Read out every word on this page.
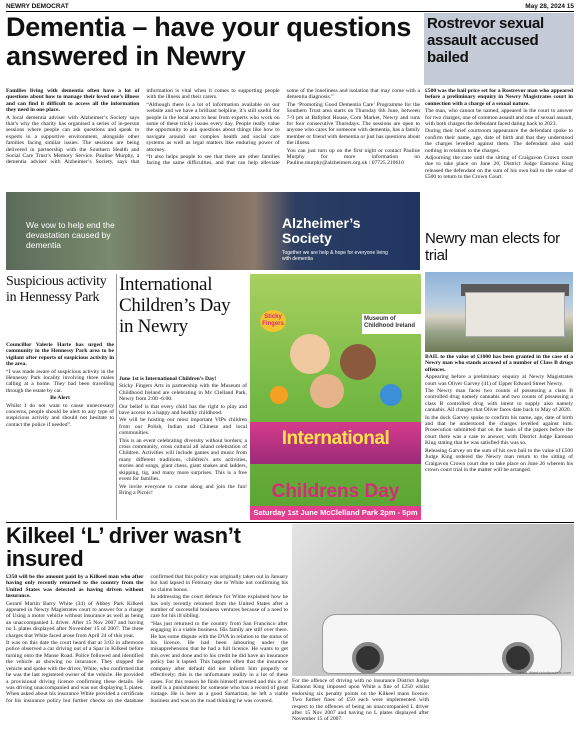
NEWRY DEMOCRAT	May 28, 2024 15
Dementia – have your questions answered in Newry

Families living with dementia often have a lot of questions about how to manage their loved one’s illness and can find it difficult to access all the information they need in one place.

A local dementia adviser with Alzheimer’s Society says that’s why the charity has organised a series of in-person sessions where people can ask questions and speak to experts in a supportive environment, alongside other families facing similar issues. The sessions are being delivered in partnership with the Southern Health and Social Care Trust’s Memory Service. Pauline Murphy, a dementia adviser with Alzheimer’s Society, says that information is vital when it comes to supporting people with the illness and their carers.

“Although there is a lot of information available on our website and we have a brilliant helpline, it’s still useful for people in the local area to hear from experts who work on some of these tricky issues every day. People really value the opportunity to ask questions about things like how to navigate around our complex health and social care systems as well as legal matters like enduring power of attorney.

“It also helps people to see that there are other families facing the same difficulties, and that can help alleviate some of the loneliness and isolation that may come with a dementia diagnosis.”

The ‘Promoting Good Dementia Care’ Programme for the Southern Trust area starts on Thursday 6th June, between 7-9 pm at Ballybot House, Corn Market, Newry and runs for four consecutive Thursdays. The sessions are open to anyone who cares for someone with dementia, has a family member or friend with dementia or just has questions about the illness.

You can just turn up on the first night or contact Pauline Murphy for more information on Pauline.murphy@alzheimers.org.uk / 07725 210610

We vow to help end the devastation caused by dementia
Alzheimer’s Society
Together we are help & hope for everyone living with dementia
Rostrevor sexual assault accused bailed

£500 was the bail price set for a Rostrevor man who appeared before a preliminary enquiry in Newry Magistrates court in connection with a charge of a sexual nature.

The man, who cannot be named, appeared in the court to answer for two charges, one of common assault and one of sexual assault, with both charges the defendant faced dating back to 2023.

During their brief courtroom appearance the defendant spoke to confirm their name, age, date of birth and that they understood the charges levelled against them. The defendant also said nothing in relation to the charges.

Adjourning the case until the sitting of Craigavon Crown court due to take place on June 26, District Judge Eamonn King released the defendant on the sum of his own bail to the value of £500 to return to the Crown Court.

Newry man elects for trial

BAIL to the value of £1000 has been granted in the case of a Newry man who stands accused of a number of Class B drugs offences.

Appearing before a preliminary enquiry at Newry Magistrates court was Oliver Garvey (41) of Upper Edward Street Newry.

The Newry man faces two counts of possessing a class B controlled drug namely cannabis and two counts of possessing a class B controlled drug with intent to supply also namely cannabis. All charges that Oliver faces date back to May of 2020.

In the dock Garvey spoke to confirm his name, age, date of birth and that he understood the charges levelled against him. Prosecution submitted that on the basis of the papers before the court there was a case to answer, with District Judge Eamonn King stating that he was satisfied this was so.

Releasing Garvey on the sum of his own bail to the value of £500 Judge King ordered the Newry man return to the sitting of Craigavon Crown court due to take place on June 26 wherein his crown court trial in the matter will be arranged.

Suspicious activity in Hennessy Park

Councillor Valerie Harte has urged the community in the Hennessy Park area to be vigilant after reports of suspicious activity in the area.

“I was made aware of suspicious activity in the Hennessy Park locality involving three males calling at a home. They had been travelling through the estate by car.

Be Alert

Whilst I do not want to cause unnecessary concerns, people should be alert to any type of suspicious activity and should not hesitate to contact the police if needed”.

International Children’s Day in Newry

June 1st is International Children’s Day!

Sticky Fingers Arts in partnership with the Museum of Childhood Ireland are celebrating in Mc Clelland Park, Newry from 2:00 -6:00.

Our belief is that every child has the right to play and have access to a happy and healthy childhood.

We will be hosting our most important VIPs children from our Polish, Indian and Chinese and local communities.

This is an event celebrating diversity without borders; a cross community, cross cultural all island celebration of Children. Activities will include games and music from many different traditions, children’s arts activities, stories and songs, giant chess, giant snakes and ladders, skipping, tig, and many more surprises. This is a free event for families.

We invite everyone to come along and join the fun! Bring a Picnic!

Sticky Fingers
Museum of Childhood Ireland
International
Childrens Day
Saturday 1st June McClelland Park 2pm - 5pm
Kilkeel ‘L’ driver wasn’t insured

£350 will be the amount paid by a Kilkeel man who after having only recently returned to the country from the United States was detected as having driven without insurance.

Gerard Martin Barry White (34) of Abbey Park Kilkeel appeared in Newry Magistrates court to answer for a charge of Using a motor vehicle without insurance as well as being an unaccompanied L driver. After 15 Nov 2007 and having no L plates displayed after November 15 of 2007. The three charges that White faced arose from April 24 of this year.

It was on this date the court heard that at 3:03 in afternoon police observed a car driving out of a Spar in Kilkeel before turning onto the Manse Road. Police followed and identified the vehicle as showing no insurance. They stopped the vehicle and spoke with the driver, White, who confirmed that he was the last registered owner of the vehicle. He provided a provisional driving licence confirming these details. He was driving unaccompanied and was not displaying L plates. When asked about his insurance White provided a certificate for his insurance policy but further checks on the database confirmed that this policy was originally taken out in January but had lapsed in February due to White not confirming his no claims bonus.

In addressing the court defence for White explained how he has only recently returned from the United States after a number of successful business ventures because of a need to care for his ill sibling.

“Has just returned to the country from San Francisco after engaging in a viable business. His family are still over there. He has some dispute with the DVA in relation to the status of his licence. He had been labouring under the misapprehension that he had a full licence. He wants to get this over and done and to his credit he did have an insurance policy but it lapsed. This happens often that the insurance company after default did not inform him properly or effectively; this is the unfortunate reality in a lot of these cases. For this reason he finds himself arrested and this in of itself is a punishment for someone who has a record of great vintage. He is here as a good Samaritan, he left a viable business and was on the road thinking he was covered.

Jamie Welsh/shutterstock.com

For the offence of driving with no insurance District Judge Eamonn King imposed upon White a fine of £250 whilst endorsing six penalty points on the Kilkeel mans licence. Two further fines of £50 each were implemented with respect to the offences of being an unaccompanied L driver after 15 Nov 2007 and having no L plates displayed after November 15 of 2007.
